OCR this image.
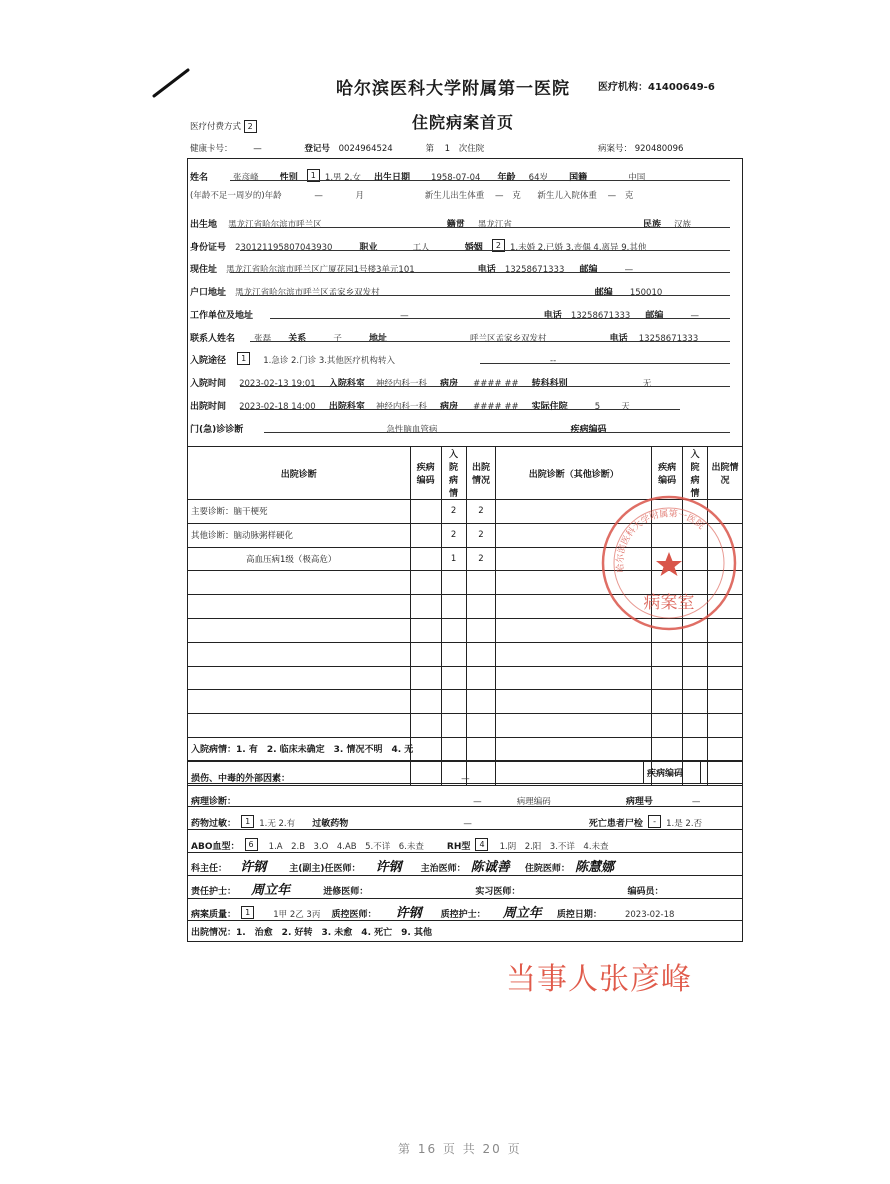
哈尔滨医科大学附属第一医院	医疗机构：41400649-6
住院病案首页
医疗付费方式 2
健康卡号： —	登记号 0024964524	第 1 次住院	病案号： 920480096
姓名	张彦峰 性别 1 1.男 2.女 出生日期 1958-07-04 年龄 64岁 国籍	中国
(年龄不足一周岁的)年龄	—	月	新生儿出生体重 — 克 新生儿入院体重 — 克
出生地 黑龙江省哈尔滨市呼兰区	籍贯 黑龙江省	民族 汉族
身份证号 230121195807043930	职业	工人	婚姻 2 1.未婚 2.已婚 3.丧偶 4.离异 9.其他
现住址 黑龙江省哈尔滨市呼兰区广厦花园1号楼3单元101	电话 13258671333 邮编	—
户口地址 黑龙江省哈尔滨市呼兰区孟家乡双发村	邮编 150010
工作单位及地址	—	电话 13258671333 邮编	—
联系人姓名 张磊 关系	子	地址	呼兰区孟家乡双发村	电话 13258671333
入院途径 1 1.急诊 2.门诊 3.其他医疗机构转入	--
入院时间 2023-02-13 19:01 入院科室 神经内科一科 病房 #### ## 转科科别	无
出院时间 2023-02-18 14:00 出院科室 神经内科一科 病房 #### ## 实际住院	5 天
门(急)诊诊断	急性脑血管病	疾病编码
出院诊断	疾病编码	入院病情	出院情况	出院诊断（其他诊断）	疾病编码	入院病情	出院情况
主要诊断：脑干梗死		2	2				
其他诊断：脑动脉粥样硬化		2	2				
高血压病1级（极高危）		1	2				

入院病情：1. 有　2. 临床未确定　3. 情况不明　4. 无
损伤、中毒的外部因素：	—	疾病编码
病理诊断：	—	病理编码	病理号	—
药物过敏： 1 1.无 2.有 过敏药物	—	死亡患者尸检 - 1.是 2.否
ABO血型： 6 1.A　2.B　3.O　4.AB　5.不详　6.未查	RH型 4 1.阴　2.阳　3.不详　4.未查
科主任： 许钢	主(副主)任医师： 许钢 主治医师： 陈诚善 住院医师： 陈慧娜
责任护士： 周立年	进修医师：	实习医师：	编码员：
病案质量： 1	1甲 2乙 3丙 质控医师： 许钢 质控护士： 周立年 质控日期：	2023-02-18
出院情况：1.　治愈　2. 好转　3. 未愈　4. 死亡　9. 其他
哈尔滨医科大学附属第一医院
病案室
当事人张彦峰
第 16 页 共 20 页
